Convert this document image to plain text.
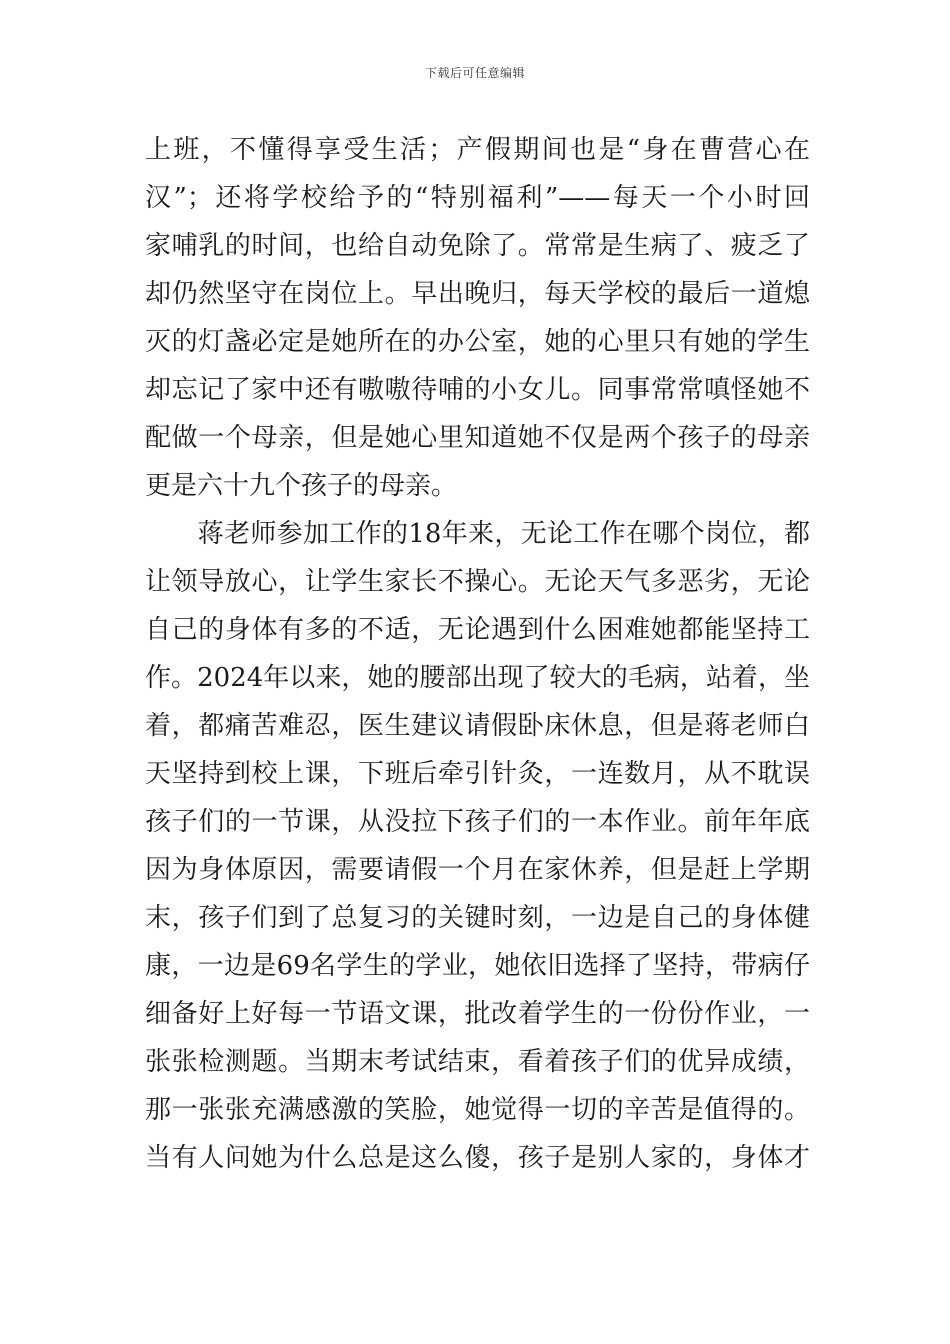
下载后可任意编辑
上班，不懂得享受生活；产假期间也是“身在曹营心在
汉”；还将学校给予的“特别福利”——每天一个小时回
家哺乳的时间，也给自动免除了。常常是生病了、疲乏了
却仍然坚守在岗位上。早出晚归，每天学校的最后一道熄
灭的灯盏必定是她所在的办公室，她的心里只有她的学生
却忘记了家中还有嗷嗷待哺的小女儿。同事常常嗔怪她不
配做一个母亲，但是她心里知道她不仅是两个孩子的母亲
更是六十九个孩子的母亲。
　　蒋老师参加工作的18年来，无论工作在哪个岗位，都
让领导放心，让学生家长不操心。无论天气多恶劣，无论
自己的身体有多的不适，无论遇到什么困难她都能坚持工
作。2024年以来，她的腰部出现了较大的毛病，站着，坐
着，都痛苦难忍，医生建议请假卧床休息，但是蒋老师白
天坚持到校上课，下班后牵引针灸，一连数月，从不耽误
孩子们的一节课，从没拉下孩子们的一本作业。前年年底
因为身体原因，需要请假一个月在家休养，但是赶上学期
末，孩子们到了总复习的关键时刻，一边是自己的身体健
康，一边是69名学生的学业，她依旧选择了坚持，带病仔
细备好上好每一节语文课，批改着学生的一份份作业，一
张张检测题。当期末考试结束，看着孩子们的优异成绩，
那一张张充满感激的笑脸，她觉得一切的辛苦是值得的。
当有人问她为什么总是这么傻，孩子是别人家的，身体才
